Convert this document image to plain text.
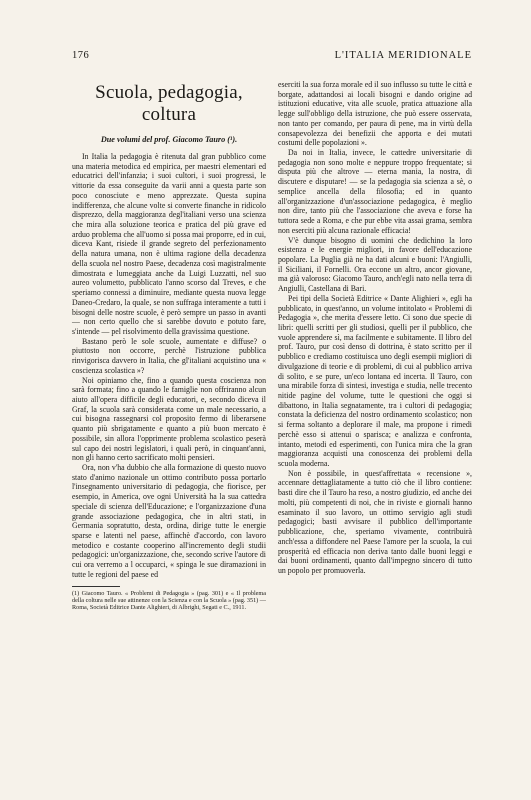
176	L'ITALIA MERIDIONALE
Scuola, pedagogia, coltura
Due volumi del prof. Giacomo Tauro (¹).

In Italia la pedagogia è ritenuta dal gran pubblico come una materia metodica ed empirica, per maestri elementari ed educatrici dell'infanzia; i suoi cultori, i suoi progressi, le vittorie da essa conseguite da varii anni a questa parte son poco conosciute e meno apprezzate. Questa supina indifferenza, che alcune volte si converte finanche in ridicolo disprezzo, della maggioranza degl'italiani verso una scienza che mira alla soluzione teorica e pratica del più grave ed arduo problema che all'uomo si possa mai proporre, ed in cui, diceva Kant, risiede il grande segreto del perfezionamento della natura umana, non è ultima ragione della decadenza della scuola nel nostro Paese, decadenza così magistralmente dimostrata e lumeggiata anche da Luigi Luzzatti, nel suo aureo volumetto, pubblicato l'anno scorso dal Treves, e che speriamo connessi a diminuire, mediante questa nuova legge Daneo-Credaro, la quale, se non suffraga interamente a tutti i bisogni delle nostre scuole, è però sempre un passo in avanti — non certo quello che si sarebbe dovuto e potuto fare, s'intende — pel risolvimento della gravissima questione.

Bastano però le sole scuole, aumentate e diffuse? o piuttosto non occorre, perchè l'istruzione pubblica rinvigorisca davvero in Italia, che gl'italiani acquistino una « coscienza scolastica »?

Noi opiniamo che, fino a quando questa coscienza non sarà formata; fino a quando le famiglie non offriranno alcun aiuto all'opera difficile degli educatori, e, secondo diceva il Graf, la scuola sarà considerata come un male necessario, a cui bisogna rassegnarsi col proposito fermo di liberarsene quanto più sbrigatamente e quanto a più buon mercato è possibile, sin allora l'opprimente problema scolastico peserà sul capo dei nostri legislatori, i quali però, in cinquant'anni, non gli hanno certo sacrificato molti pensieri.

Ora, non v'ha dubbio che alla formazione di questo nuovo stato d'animo nazionale un ottimo contributo possa portarlo l'insegnamento universitario di pedagogia, che fiorisce, per esempio, in America, ove ogni Università ha la sua cattedra speciale di scienza dell'Educazione; e l'organizzazione d'una grande associazione pedagogica, che in altri stati, in Germania sopratutto, desta, ordina, dirige tutte le energie sparse e latenti nel paese, affinchè d'accordo, con lavoro metodico e costante cooperino all'incremento degli studii pedagogici: un'organizzazione, che, secondo scrive l'autore di cui ora verremo a l occuparci, « spinga le sue diramazioni in tutte le regioni del paese ed

(1) Giacomo Tauro. « Problemi di Pedagogia » (pag. 301) e « Il problema della coltura nelle sue attinenze con la Scienza e con la Scuola » (pag. 351) — Roma, Società Editrice Dante Alighieri, di Albrighi, Segati e C., 1911.

eserciti la sua forza morale ed il suo influsso su tutte le città e borgate, adattandosi ai locali bisogni e dando origine ad istituzioni educative, vita alle scuole, pratica attuazione alla legge sull'obbligo della istruzione, che può essere osservata, non tanto per comando, per paura di pene, ma in virtù della consapevolezza dei benefizii che apporta e dei mutati costumi delle popolazioni ».

Da noi in Italia, invece, le cattedre universitarie di pedagogia non sono molte e neppure troppo frequentate; si disputa più che altrove — eterna mania, la nostra, di discutere e disputare! — se la pedagogia sia scienza a sè, o semplice ancella della filosofia; ed in quanto all'organizzazione d'un'associazione pedagogica, è meglio non dire, tanto più che l'associazione che aveva e forse ha tuttora sede a Roma, e che pur ebbe vita assai grama, sembra non eserciti più alcuna razionale efficacia!

V'è dunque bisogno di uomini che dedichino la loro esistenza e le energie migliori, in favore dell'educazione popolare. La Puglia già ne ha dati alcuni e buoni: l'Angiulli, il Siciliani, il Fornelli. Ora eccone un altro, ancor giovane, ma già valoroso: Giacomo Tauro, anch'egli nato nella terra di Angiulli, Castellana di Bari.

Pei tipi della Società Editrice « Dante Alighieri », egli ha pubblicato, in quest'anno, un volume intitolato « Problemi di Pedagogia », che merita d'essere letto. Ci sono due specie di libri: quelli scritti per gli studiosi, quelli per il pubblico, che vuole apprendere sì, ma facilmente e subitamente. Il libro del prof. Tauro, pur così denso di dottrina, è stato scritto per il pubblico e crediamo costituisca uno degli esempii migliori di divulgazione di teorie e di problemi, di cui al pubblico arriva di solito, e se pure, un'eco lontana ed incerta. Il Tauro, con una mirabile forza di sintesi, investiga e studia, nelle trecento nitide pagine del volume, tutte le questioni che oggi si dibattono, in Italia segnatamente, tra i cultori di pedagogia; constata la deficienza del nostro ordinamento scolastico; non si ferma soltanto a deplorare il male, ma propone i rimedi perchè esso si attenui o sparisca; e analizza e confronta, intanto, metodi ed esperimenti, con l'unica mira che la gran maggioranza acquisti una conoscenza dei problemi della scuola moderna.

Non è possibile, in quest'affrettata « recensione », accennare dettagliatamente a tutto ciò che il libro contiene: basti dire che il Tauro ha reso, a nostro giudizio, ed anche dei molti, più competenti di noi, che in riviste e giornali hanno esaminato il suo lavoro, un ottimo servigio agli studi pedagogici; basti avvisare il pubblico dell'importante pubblicazione, che, speriamo vivamente, contribuirà anch'essa a diffondere nel Paese l'amore per la scuola, la cui prosperità ed efficacia non deriva tanto dalle buoni leggi e dai buoni ordinamenti, quanto dall'impegno sincero di tutto un popolo per promuoverla.
